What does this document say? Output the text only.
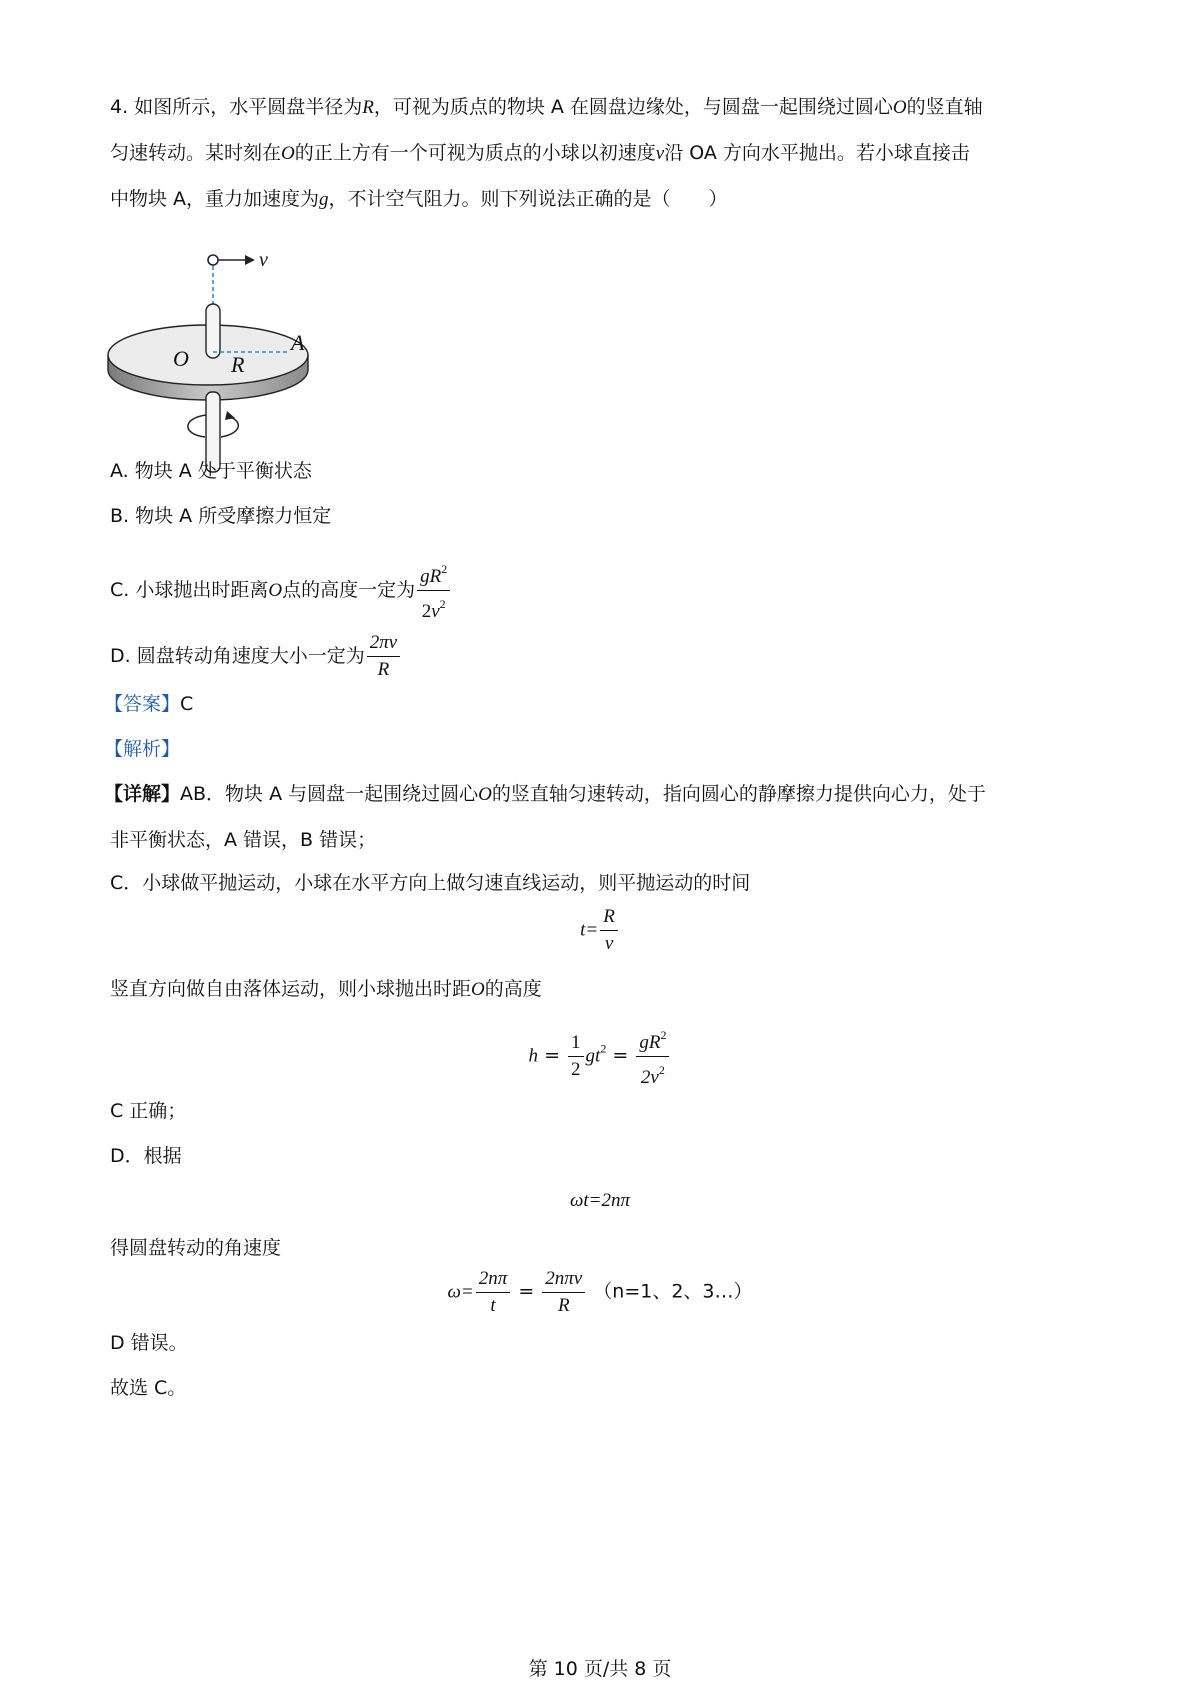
4. 如图所示，水平圆盘半径为R，可视为质点的物块 A 在圆盘边缘处，与圆盘一起围绕过圆心O的竖直轴
匀速转动。某时刻在O的正上方有一个可视为质点的小球以初速度v沿 OA 方向水平抛出。若小球直接击
中物块 A，重力加速度为g，不计空气阻力。则下列说法正确的是（　　）
v
O R
A
A. 物块 A 处于平衡状态
B. 物块 A 所受摩擦力恒定
C. 小球抛出时距离O点的高度一定为 $\frac{gR^2}{2v^2}$
D. 圆盘转动角速度大小一定为 $\frac{2\pi v}{R}$
【答案】C
【解析】
【详解】AB．物块 A 与圆盘一起围绕过圆心O的竖直轴匀速转动，指向圆心的静摩擦力提供向心力，处于
非平衡状态，A 错误，B 错误；
C．小球做平抛运动，小球在水平方向上做匀速直线运动，则平抛运动的时间
$t= \frac{R}{v}$
竖直方向做自由落体运动，则小球抛出时距O的高度
$h = \frac{1}{2} gt^2 = \frac{gR^2}{2v^2}$
C 正确；
D．根据
ωt=2nπ
得圆盘转动的角速度
$\omega= \frac{2n\pi}{t} = \frac{\text{2nπv}}{R} (n=1$、2、3…）
D 错误。
故选 C。
第 10 页/共 8 页
